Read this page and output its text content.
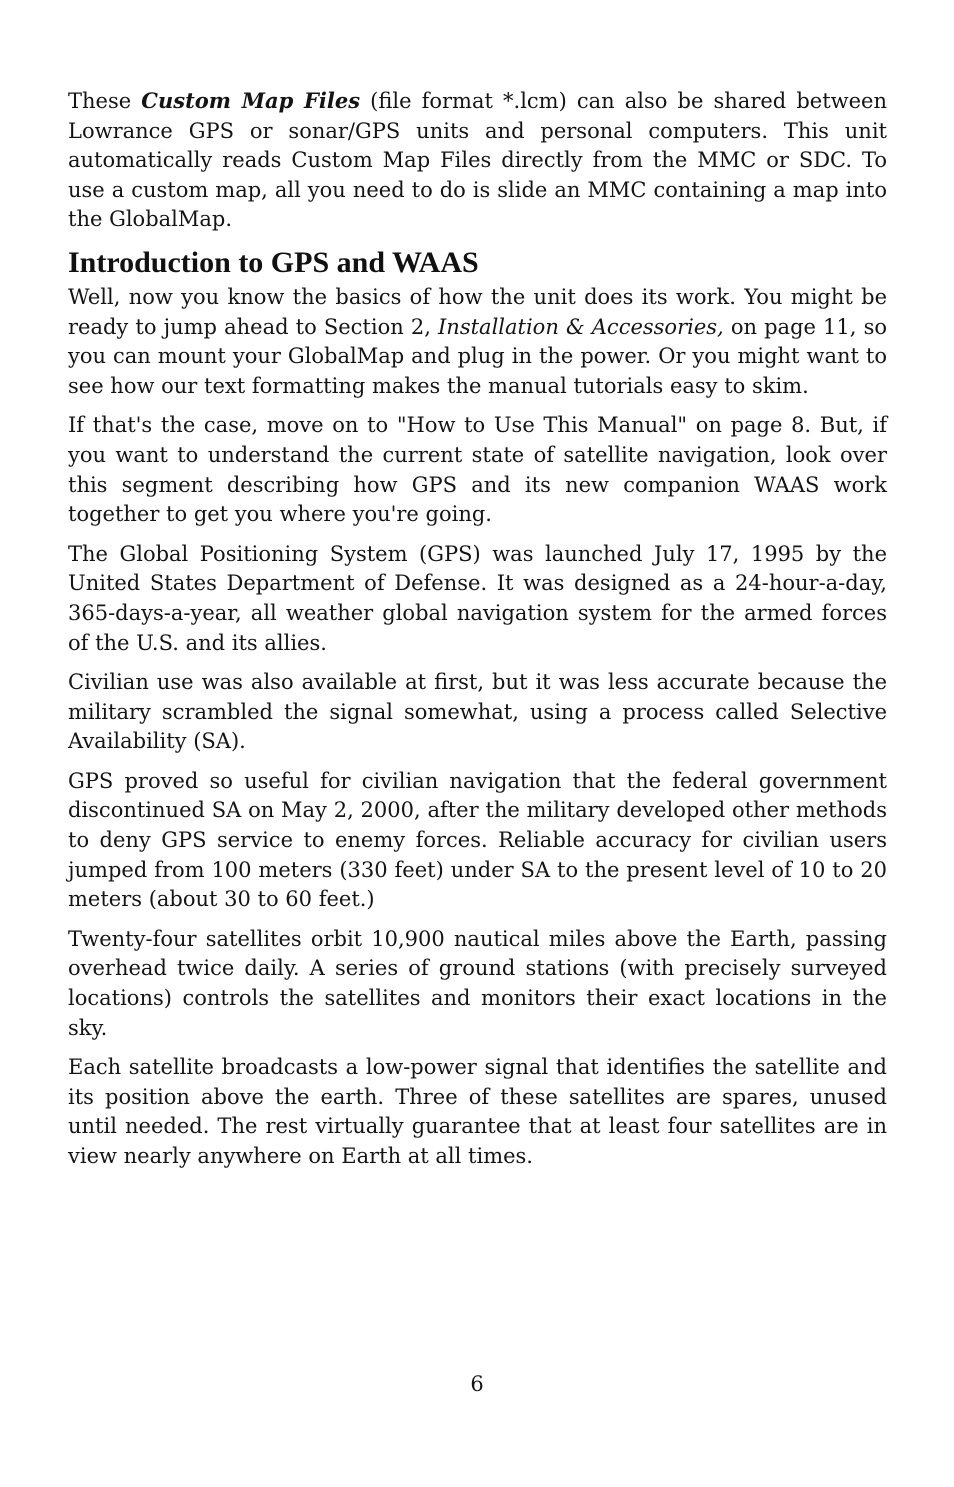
These Custom Map Files (file format *.lcm) can also be shared between Lowrance GPS or sonar/GPS units and personal computers. This unit automatically reads Custom Map Files directly from the MMC or SDC. To use a custom map, all you need to do is slide an MMC containing a map into the GlobalMap.

Introduction to GPS and WAAS

Well, now you know the basics of how the unit does its work. You might be ready to jump ahead to Section 2, Installation & Accessories, on page 11, so you can mount your GlobalMap and plug in the power. Or you might want to see how our text formatting makes the manual tutorials easy to skim.

If that's the case, move on to "How to Use This Manual" on page 8. But, if you want to understand the current state of satellite navigation, look over this segment describing how GPS and its new companion WAAS work together to get you where you're going.

The Global Positioning System (GPS) was launched July 17, 1995 by the United States Department of Defense. It was designed as a 24-hour-a-day, 365-days-a-year, all weather global navigation system for the armed forces of the U.S. and its allies.

Civilian use was also available at first, but it was less accurate because the military scrambled the signal somewhat, using a process called Selective Availability (SA).

GPS proved so useful for civilian navigation that the federal government discontinued SA on May 2, 2000, after the military developed other methods to deny GPS service to enemy forces. Reliable accuracy for civilian users jumped from 100 meters (330 feet) under SA to the present level of 10 to 20 meters (about 30 to 60 feet.)

Twenty-four satellites orbit 10,900 nautical miles above the Earth, passing overhead twice daily. A series of ground stations (with precisely surveyed locations) controls the satellites and monitors their exact locations in the sky.

Each satellite broadcasts a low-power signal that identifies the satellite and its position above the earth. Three of these satellites are spares, unused until needed. The rest virtually guarantee that at least four satellites are in view nearly anywhere on Earth at all times.

6
